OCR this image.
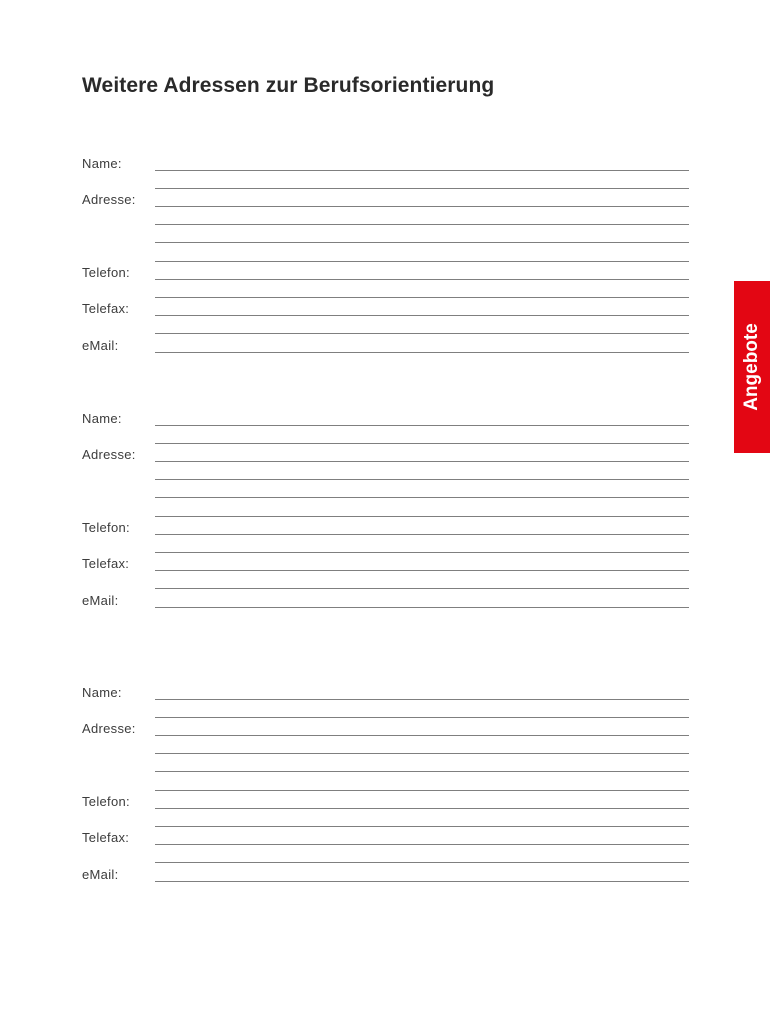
Weitere Adressen zur Berufsorientierung
Angebote
Name:
Adresse:
Telefon:
Telefax:
eMail:
Name:
Adresse:
Telefon:
Telefax:
eMail:
Name:
Adresse:
Telefon:
Telefax:
eMail:
